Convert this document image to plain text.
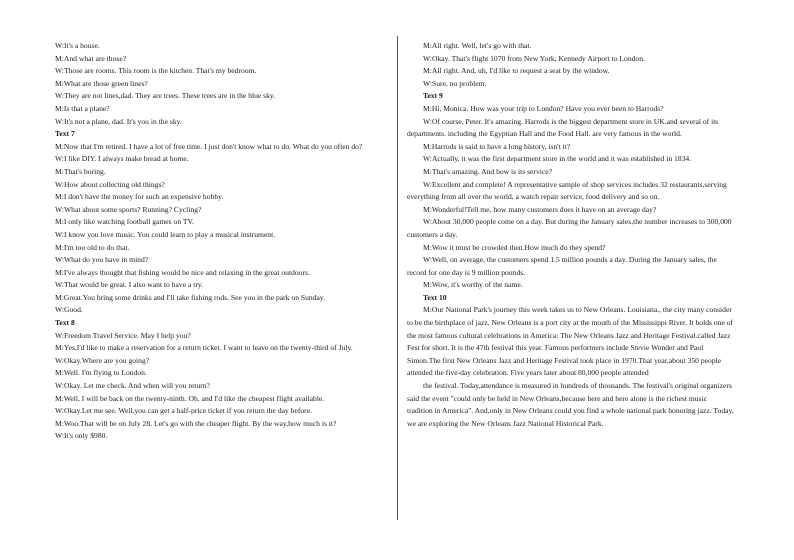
W:It's a house.
M:And what are those?
W:Those are rooms. This room is the kitchen. That's my bedroom.
M:What are those green lines?
W:They are not lines,dad. They are trees. These trees are in the blue sky.
M:Is that a plane?
W:It's not a plane, dad. It's you in the sky.
Text 7
M:Now that I'm retired. I have a lot of free time. I just don't know what to do. What do you often do?
W:I like DIY. I always make bread at home.
M:That's boring.
W:How about collecting old things?
M:I don't have the money for such an expensive hobby.
W:What about some sports? Running? Cycling?
M:I only like watching football games on TV.
W:I know you love music. You could learn to play a musical instrument.
M:I'm too old to do that.
W:What do you have in mind?
M:I've always thought that fishing would be nice and relaxing in the great outdoors.
W:That would be great. I also want to have a try.
M:Great.You bring some drinks and I'll take fishing rods. See you in the park on Sunday.
W:Good.
Text 8
W:Freedom Travel Service. May I help you?
M:Yes,I'd like to make a reservation for a return ticket. I want to leave on the twenty-third of July.
W:Okay.Where are you going?
M:Well. I'm flying to London.
W:Okay. Let me check. And when will you return?
M:Well, I will be back on the twenty-ninth. Oh. and I'd like the cheapest flight available.
W:Okay.Let me see. Well,you can get a half-price ticket if you return the day before.
M:Woo.That will be on July 28. Let's go with the cheaper flight. By the way,how much is it?
W:It's only $980.
M:All right. Well, let's go with that.
W:Okay. That's flight 1070 from New York, Kennedy Airport to London.
M:All right. And, uh, I'd like to request a seat by the window.
W:Sure, no problem.
Text 9
M:Hi, Monica. How was your trip to London? Have you ever been to Harrods?
W:Of course, Peter. It's amazing. Harrods is the biggest department store in UK.and several of its
departments. including the Egyptian Hall and the Food Hall. are very famous in the world.
M:Harrods is said to have a long history, isn't it?
W:Actually, it was the first department store in the world and it was established in 1834.
M:That's amazing. And how is its service?
W:Excellent and complete! A representative sample of shop services includes 32 restaurants,serving
everything from all over the world, a watch repair service, food delivery and so on.
M:Wonderful!Tell me, how many customers does it have on an average day?
W:About 30,000 people come on a day. But during the January sales,the number increases to 300,000
customers a day.
M:Wow it must be crowded then.How much do they spend?
W:Well, on average, the customers spend 1.5 million pounds a day. During the January sales, the
record for one day is 9 million pounds.
M:Wow, it's worthy of the name.
Text 10
M:Our National Park's journey this week takes us to New Orleans. Louisiana., the city many consider
to be the birthplace of jazz. New Orleans is a port city at the mouth of the Mississippi River. It holds one of
the most famous cultural celebrations in America: The New Orleans Jazz and Heritage Festival.called Jazz
Fest for short. It is the 47th festival this year. Famous performers include Stevie Wonder and Paul
Simon.The first New Orleans Jazz and Heritage Festival took place in 1970.That year,about 350 people
attended the five-day celebration. Five years later about 80,000 people attended
the festival. Today,attendance is measured in hundreds of thousands. The festival's original organizers
said the event "could only be held in New Orleans,because here and here alone is the richest music
tradition in America". And,only in New Orleans could you find a whole national park honoring jazz. Today,
we are exploring the New Orleans Jazz National Historical Park.
